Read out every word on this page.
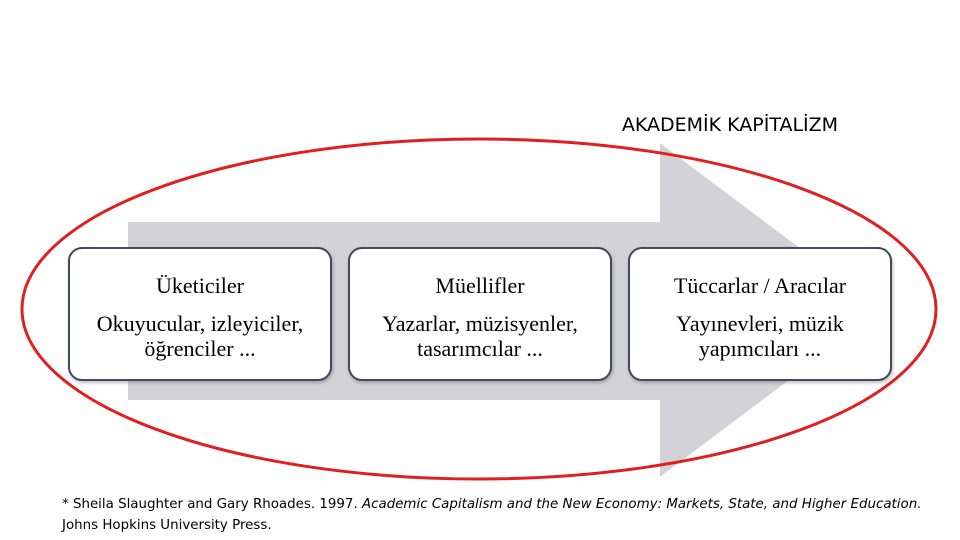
AKADEMİK KAPİTALİZM
Üketiciler
Okuyucular, izleyiciler, öğrenciler ...
Müellifler
Yazarlar, müzisyenler, tasarımcılar ...
Tüccarlar / Aracılar
Yayınevleri, müzik yapımcıları ...
* Sheila Slaughter and Gary Rhoades. 1997. Academic Capitalism and the New Economy: Markets, State, and Higher Education. Johns Hopkins University Press.
